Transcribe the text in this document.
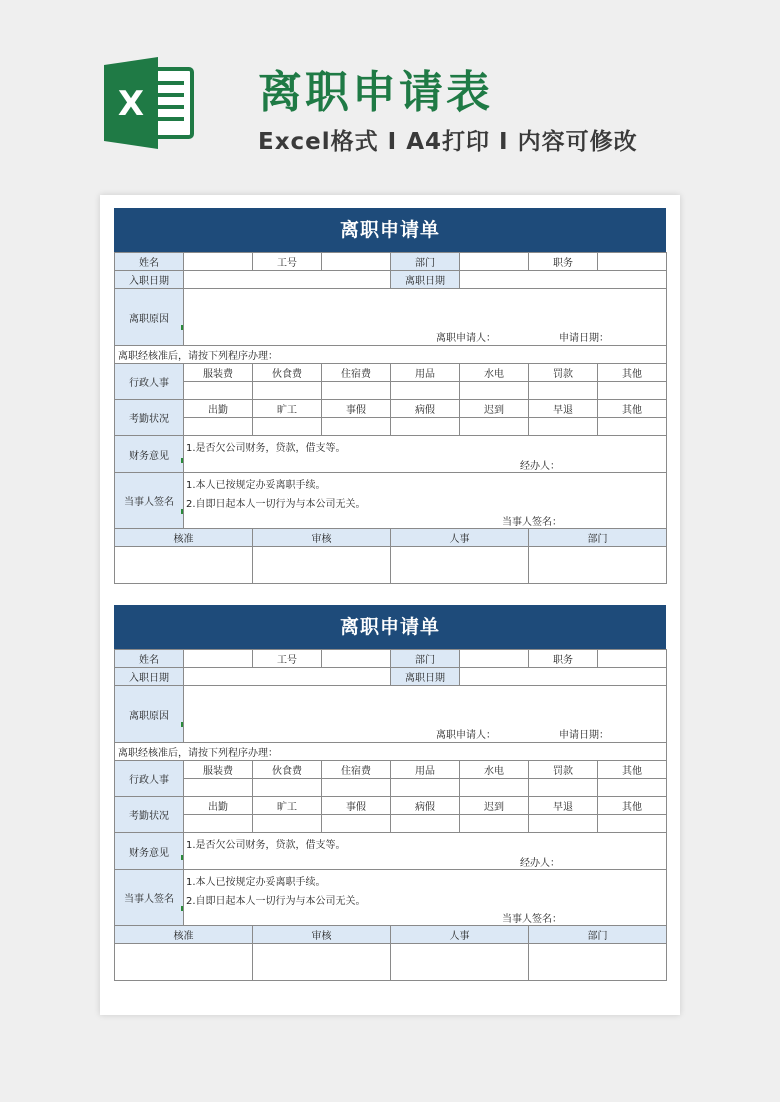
X	离职申请表
Excel格式 I A4打印 I 内容可修改
离职申请单
姓名		工号		部门		职务	
入职日期				离职日期			
离职原因	离职申请人： 申请日期：						

离职经核准后，请按下列程序办理：							
行政人事	服装费	伙食费	住宿费	用品	水电	罚款	其他

考勤状况	出勤	旷工	事假	病假	迟到	早退	其他

财务意见	1.是否欠公司财务，贷款，借支等。
经办人：						

当事人签名	1.本人已按规定办妥离职手续。
2.自即日起本人一切行为与本公司无关。
当事人签名：						

核准		审核		人事		部门	

离职申请单
姓名		工号		部门		职务	
入职日期				离职日期			
离职原因	离职申请人： 申请日期：						

离职经核准后，请按下列程序办理：							
行政人事	服装费	伙食费	住宿费	用品	水电	罚款	其他

考勤状况	出勤	旷工	事假	病假	迟到	早退	其他

财务意见	1.是否欠公司财务，贷款，借支等。
经办人：						

当事人签名	1.本人已按规定办妥离职手续。
2.自即日起本人一切行为与本公司无关。
当事人签名：						

核准		审核		人事		部门	
